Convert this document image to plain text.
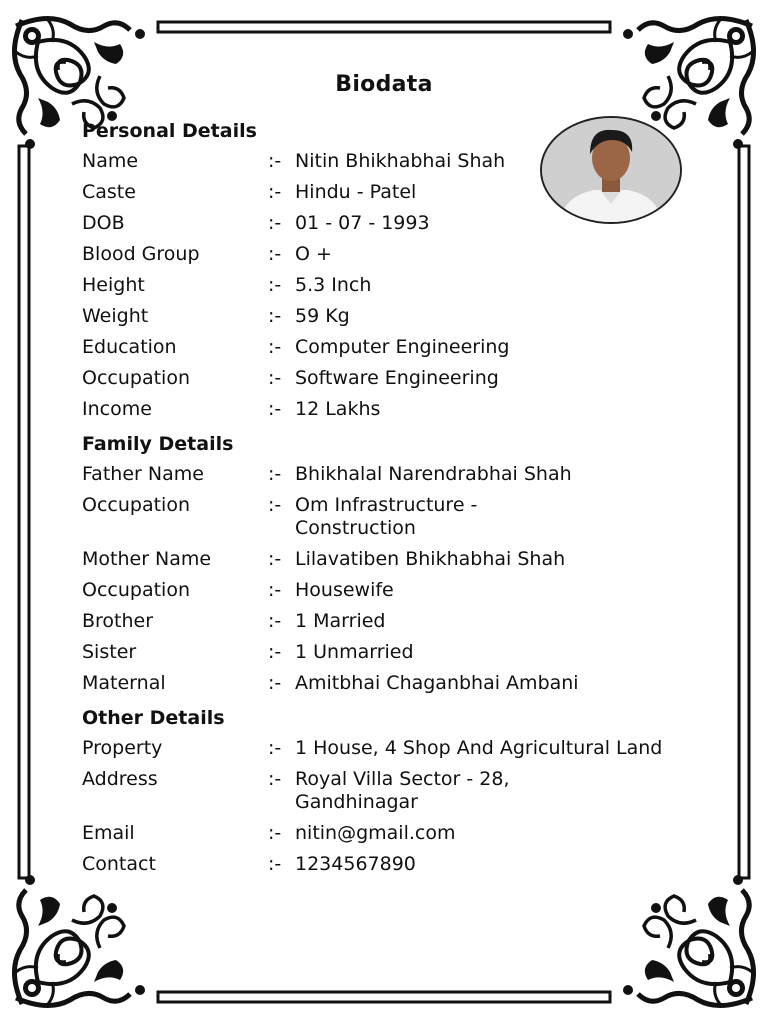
Biodata
Personal Details
Name	:- Nitin Bhikhabhai Shah
Caste	:- Hindu - Patel
DOB	:- 01 - 07 - 1993
Blood Group	:- O +
Height	:- 5.3 Inch
Weight	:- 59 Kg
Education	:- Computer Engineering
Occupation	:- Software Engineering
Income	:- 12 Lakhs
Family Details
Father Name	:- Bhikhalal Narendrabhai Shah
Occupation	:- Om Infrastructure - Construction
Mother Name	:- Lilavatiben Bhikhabhai Shah
Occupation	:- Housewife
Brother	:- 1 Married
Sister	:- 1 Unmarried
Maternal	:- Amitbhai Chaganbhai Ambani
Other Details
Property	:- 1 House, 4 Shop And Agricultural Land
Address	:- Royal Villa Sector - 28, Gandhinagar
Email	:- nitin@gmail.com
Contact	:- 1234567890
